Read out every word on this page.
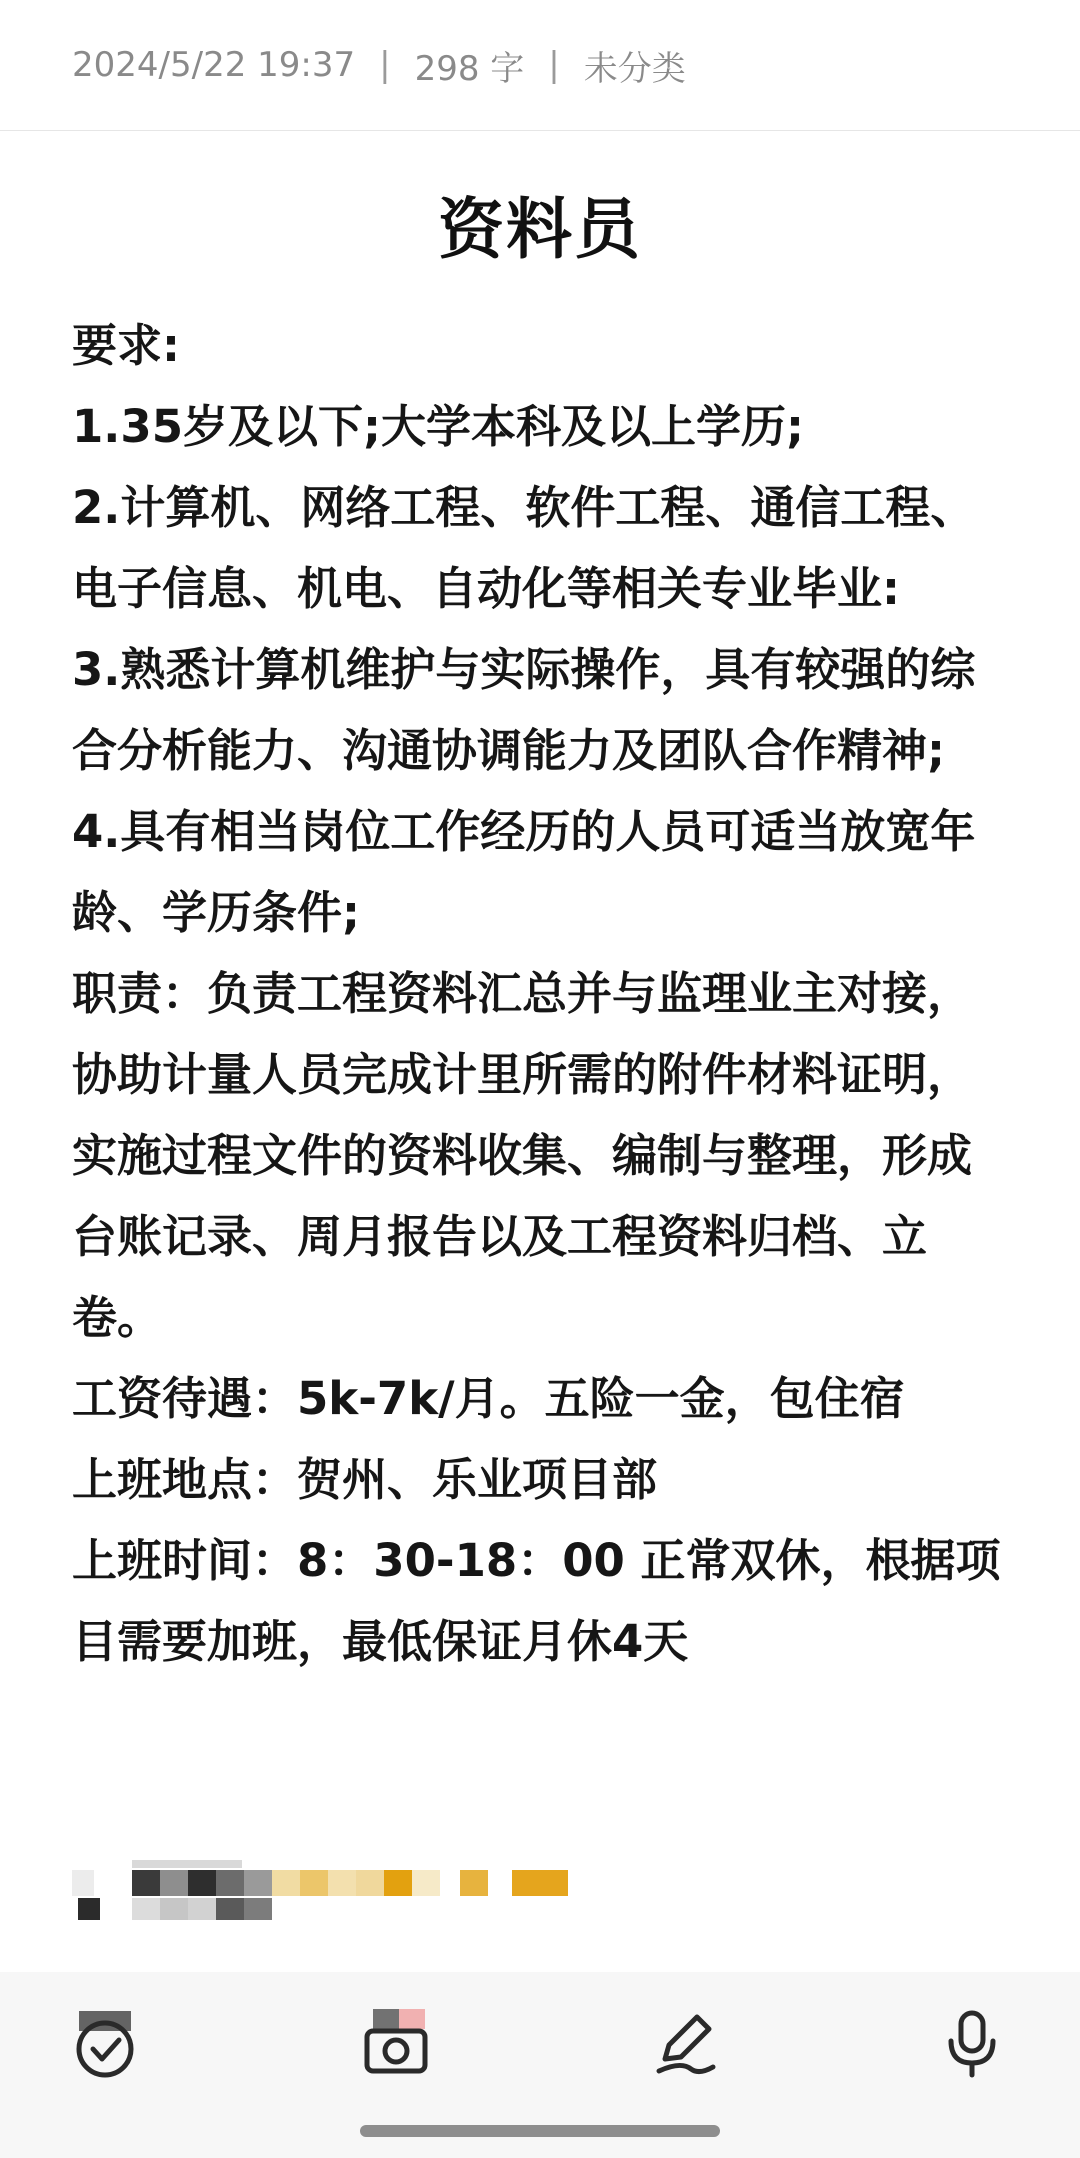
2024/5/22 19:37 | 298 字 | 未分类
资料员
要求:
1.35岁及以下;大学本科及以上学历;
2.计算机、网络工程、软件工程、通信工程、电子信息、机电、自动化等相关专业毕业:
3.熟悉计算机维护与实际操作，具有较强的综合分析能力、沟通协调能力及团队合作精神;
4.具有相当岗位工作经历的人员可适当放宽年龄、学历条件;
职责：负责工程资料汇总并与监理业主对接，协助计量人员完成计里所需的附件材料证明，实施过程文件的资料收集、编制与整理，形成台账记录、周月报告以及工程资料归档、立卷。
工资待遇：5k-7k/月。五险一金，包住宿
上班地点：贺州、乐业项目部
上班时间：8：30-18：00 正常双休，根据项目需要加班，最低保证月休4天
